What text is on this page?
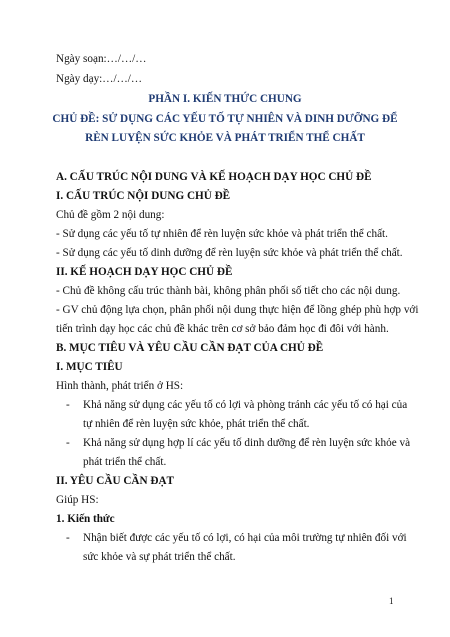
Ngày soạn:…/…/…
Ngày dạy:…/…/…
PHẦN I. KIẾN THỨC CHUNG
CHỦ ĐỀ: SỬ DỤNG CÁC YẾU TỐ TỰ NHIÊN VÀ DINH DƯỠNG ĐỂ
RÈN LUYỆN SỨC KHỎE VÀ PHÁT TRIỂN THỂ CHẤT
A. CẤU TRÚC NỘI DUNG VÀ KẾ HOẠCH DẠY HỌC CHỦ ĐỀ
I. CẤU TRÚC NỘI DUNG CHỦ ĐỀ
Chủ đề gồm 2 nội dung:
- Sử dụng các yếu tố tự nhiên để rèn luyện sức khỏe và phát triển thể chất.
- Sử dụng các yếu tố dinh dưỡng để rèn luyện sức khỏe và phát triển thể chất.
II. KẾ HOẠCH DẠY HỌC CHỦ ĐỀ
- Chủ đề không cấu trúc thành bài, không phân phối số tiết cho các nội dung.
- GV chủ động lựa chọn, phân phối nội dung thực hiện để lồng ghép phù hợp với
tiến trình dạy học các chủ đề khác trên cơ sở bảo đảm học đi đôi với hành.
B. MỤC TIÊU VÀ YÊU CẦU CẦN ĐẠT CỦA CHỦ ĐỀ
I. MỤC TIÊU
Hình thành, phát triển ở HS:
- Khả năng sử dụng các yếu tố có lợi và phòng tránh các yếu tố có hại của
tự nhiên để rèn luyện sức khỏe, phát triển thể chất.
- Khả năng sử dụng hợp lí các yếu tố dinh dưỡng để rèn luyện sức khỏe và
phát triển thể chất.
II. YÊU CẦU CẦN ĐẠT
Giúp HS:
1. Kiến thức
- Nhận biết được các yếu tố có lợi, có hại của môi trường tự nhiên đối với
sức khỏe và sự phát triển thể chất.
1
